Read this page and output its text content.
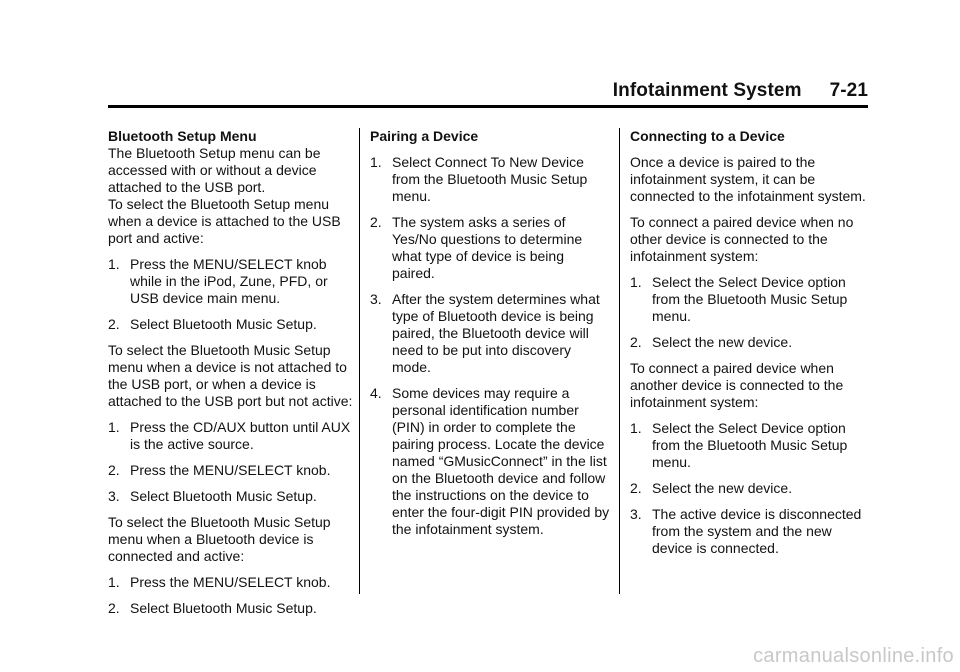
Infotainment System 7-21
Bluetooth Setup Menu

The Bluetooth Setup menu can be accessed with or without a device attached to the USB port.

To select the Bluetooth Setup menu when a device is attached to the USB port and active:

1. Press the MENU/SELECT knob while in the iPod, Zune, PFD, or USB device main menu.
2. Select Bluetooth Music Setup.

To select the Bluetooth Music Setup menu when a device is not attached to the USB port, or when a device is attached to the USB port but not active:

1. Press the CD/AUX button until AUX is the active source.
2. Press the MENU/SELECT knob.
3. Select Bluetooth Music Setup.

To select the Bluetooth Music Setup menu when a Bluetooth device is connected and active:

1. Press the MENU/SELECT knob.
2. Select Bluetooth Music Setup.
Pairing a Device
1. Select Connect To New Device from the Bluetooth Music Setup menu.
2. The system asks a series of Yes/No questions to determine what type of device is being paired.
3. After the system determines what type of Bluetooth device is being paired, the Bluetooth device will need to be put into discovery mode.
4. Some devices may require a personal identification number (PIN) in order to complete the pairing process. Locate the device named “GMusicConnect” in the list on the Bluetooth device and follow the instructions on the device to enter the four-digit PIN provided by the infotainment system.
Connecting to a Device

Once a device is paired to the infotainment system, it can be connected to the infotainment system.

To connect a paired device when no other device is connected to the infotainment system:

1. Select the Select Device option from the Bluetooth Music Setup menu.
2. Select the new device.

To connect a paired device when another device is connected to the infotainment system:

1. Select the Select Device option from the Bluetooth Music Setup menu.
2. Select the new device.
3. The active device is disconnected from the system and the new device is connected.
carmanualsonline.info
